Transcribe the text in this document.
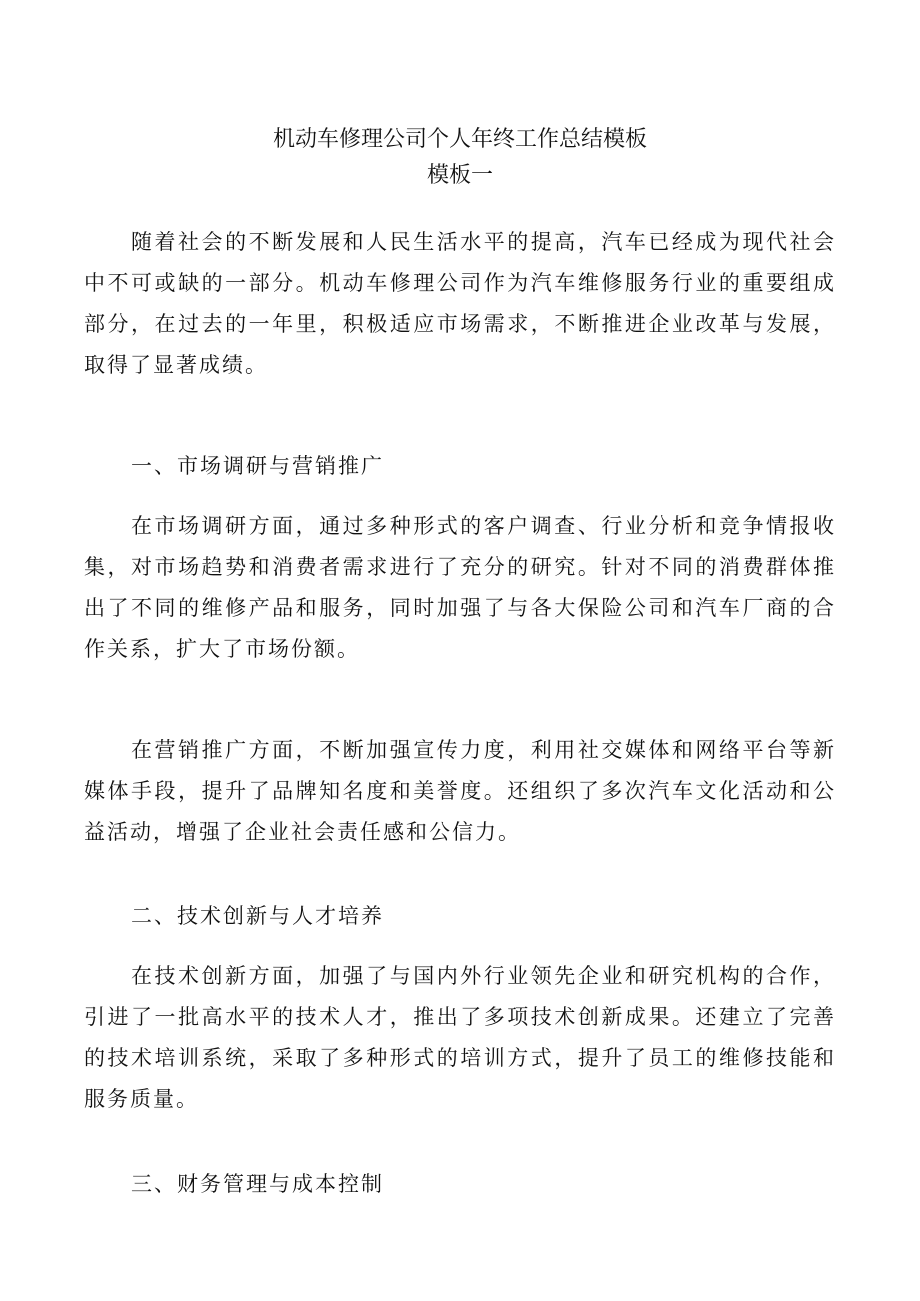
机动车修理公司个人年终工作总结模板
模板一

随着社会的不断发展和人民生活水平的提高，汽车已经成为现代社会中不可或缺的一部分。机动车修理公司作为汽车维修服务行业的重要组成部分，在过去的一年里，积极适应市场需求，不断推进企业改革与发展，取得了显著成绩。

一、市场调研与营销推广

在市场调研方面，通过多种形式的客户调查、行业分析和竞争情报收集，对市场趋势和消费者需求进行了充分的研究。针对不同的消费群体推出了不同的维修产品和服务，同时加强了与各大保险公司和汽车厂商的合作关系，扩大了市场份额。

在营销推广方面，不断加强宣传力度，利用社交媒体和网络平台等新媒体手段，提升了品牌知名度和美誉度。还组织了多次汽车文化活动和公益活动，增强了企业社会责任感和公信力。

二、技术创新与人才培养

在技术创新方面，加强了与国内外行业领先企业和研究机构的合作，引进了一批高水平的技术人才，推出了多项技术创新成果。还建立了完善的技术培训系统，采取了多种形式的培训方式，提升了员工的维修技能和服务质量。

三、财务管理与成本控制
